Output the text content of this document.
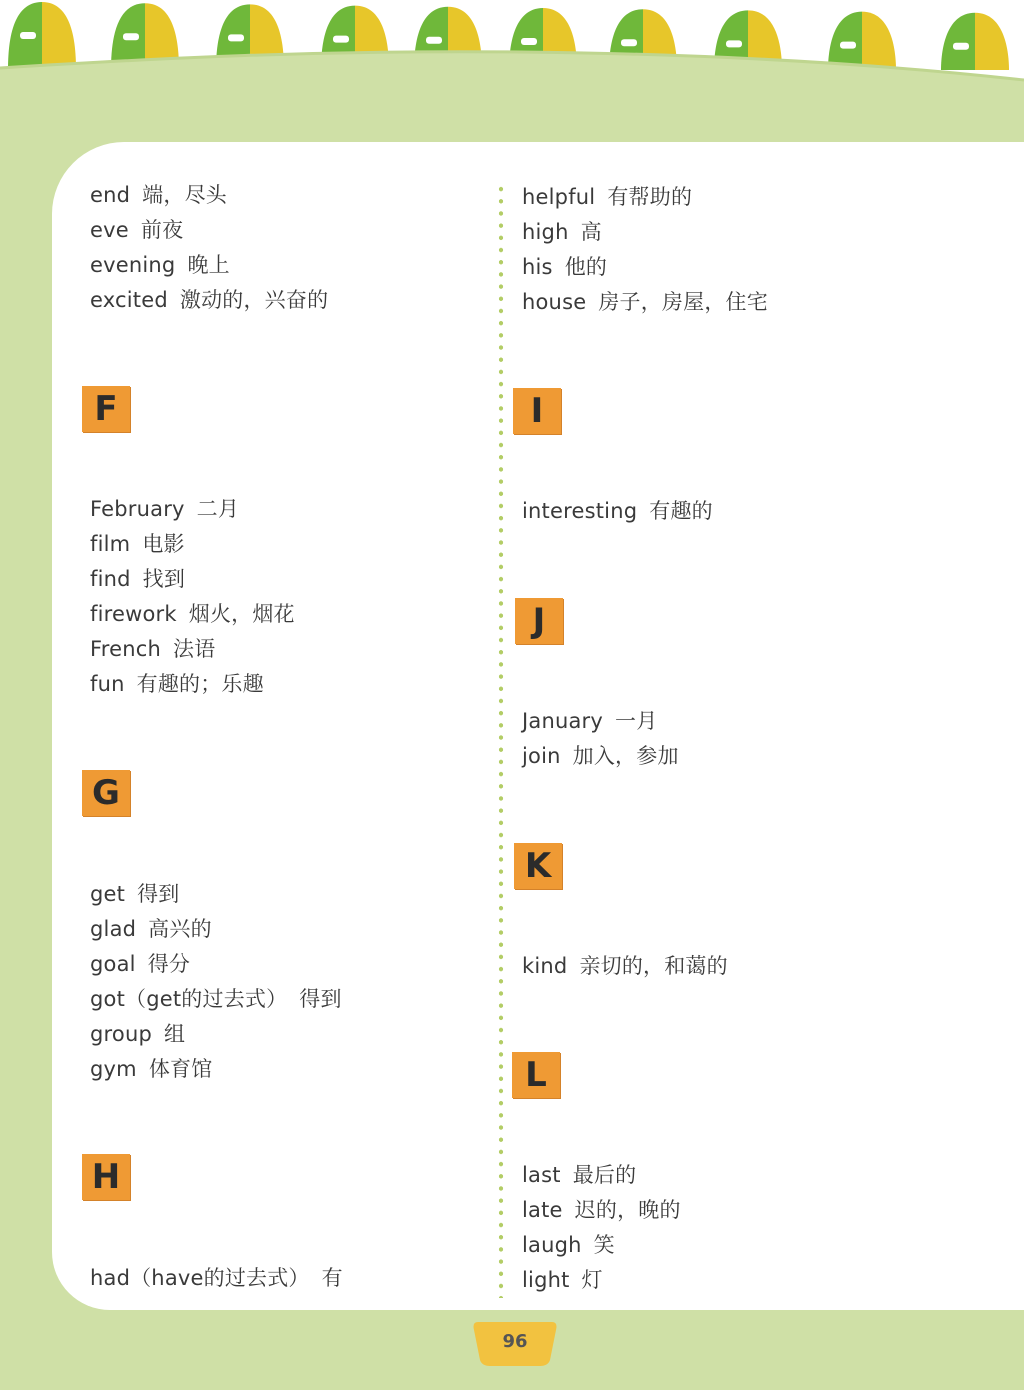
end 端，尽头
eve 前夜
evening 晚上
excited 激动的，兴奋的
F
February 二月
film 电影
find 找到
firework 烟火，烟花
French 法语
fun 有趣的；乐趣
G
get 得到
glad 高兴的
goal 得分
got（get的过去式） 得到
group 组
gym 体育馆
H
had（have的过去式） 有
helpful 有帮助的
high 高
his 他的
house 房子，房屋，住宅
I
interesting 有趣的
J
January 一月
join 加入，参加
K
kind 亲切的，和蔼的
L
last 最后的
late 迟的，晚的
laugh 笑
light 灯
96
